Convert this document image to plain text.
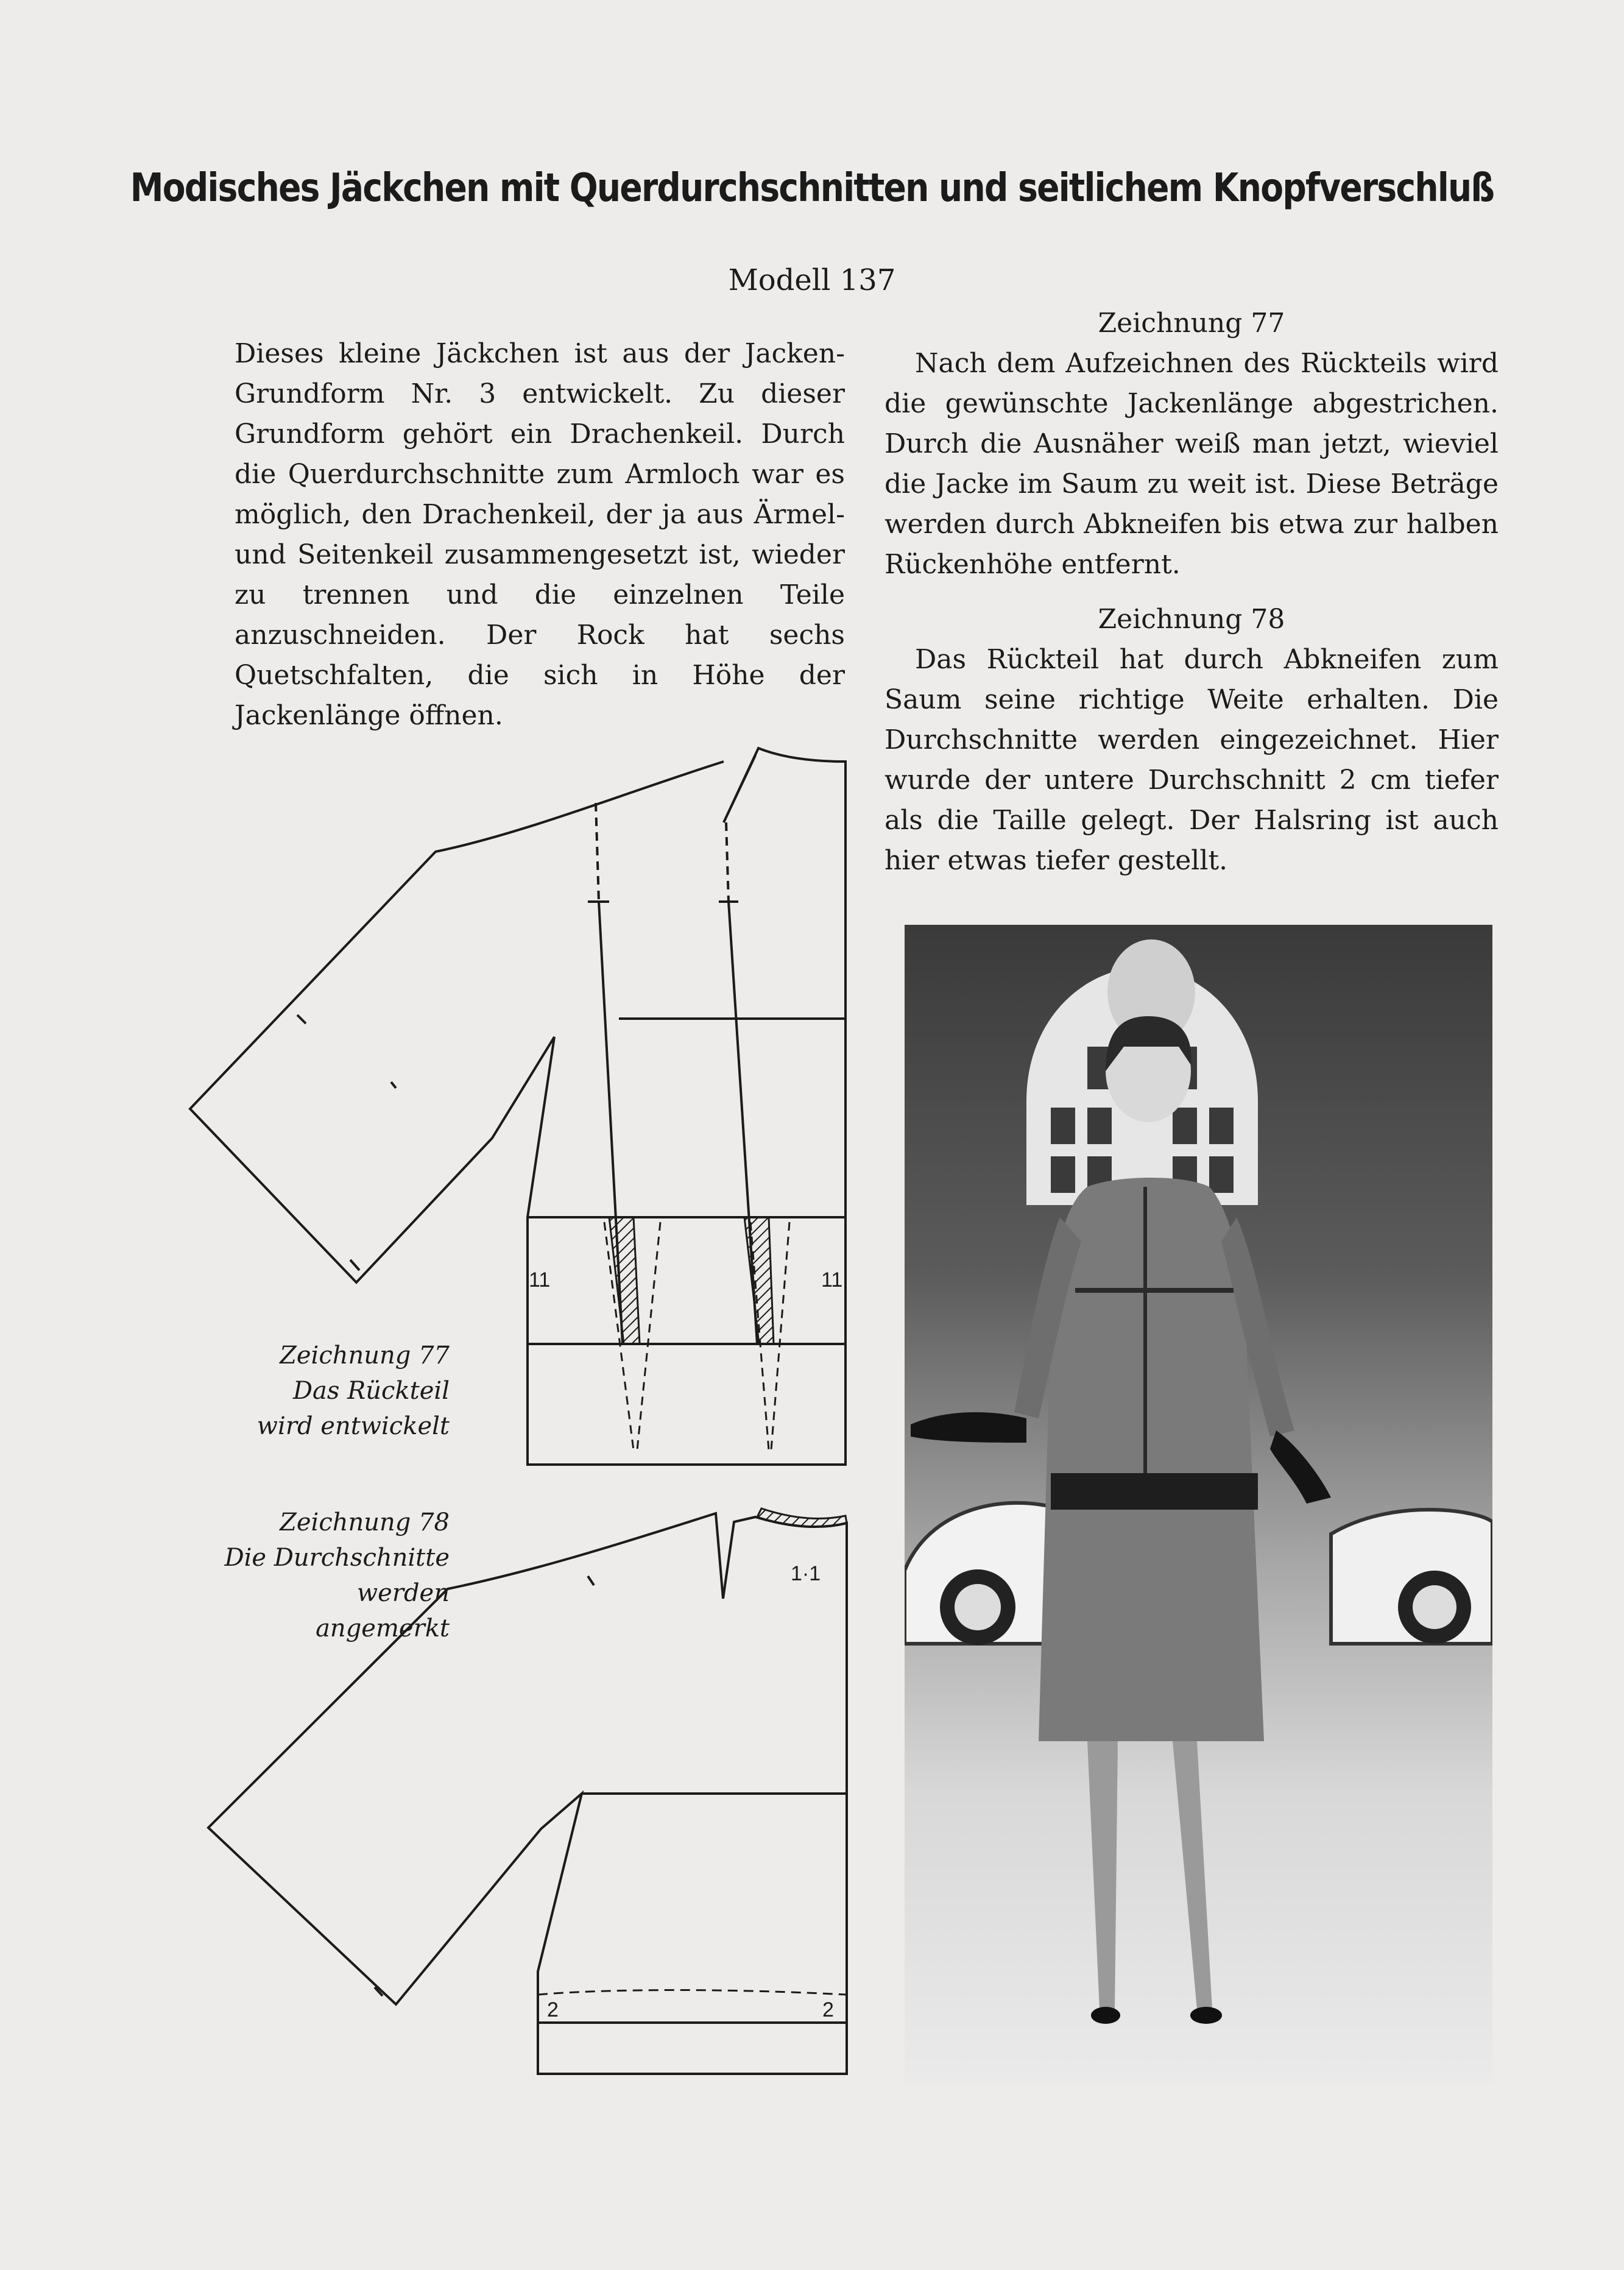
Modisches Jäckchen mit Querdurchschnitten und seitlichem Knopfverschluß
Modell 137
Dieses kleine Jäckchen ist aus der Jacken-Grundform Nr. 3 entwickelt. Zu dieser Grundform gehört ein Drachenkeil. Durch die Querdurchschnitte zum Armloch war es möglich, den Drachenkeil, der ja aus Ärmel- und Seitenkeil zusammengesetzt ist, wieder zu trennen und die einzelnen Teile anzuschneiden. Der Rock hat sechs Quetschfalten, die sich in Höhe der Jackenlänge öffnen.
Zeichnung 77
Nach dem Aufzeichnen des Rückteils wird die gewünschte Jackenlänge abgestrichen. Durch die Ausnäher weiß man jetzt, wieviel die Jacke im Saum zu weit ist. Diese Beträge werden durch Abkneifen bis etwa zur halben Rückenhöhe entfernt.
Zeichnung 78
Das Rückteil hat durch Abkneifen zum Saum seine richtige Weite erhalten. Die Durchschnitte werden eingezeichnet. Hier wurde der untere Durchschnitt 2 cm tiefer als die Taille gelegt. Der Halsring ist auch hier etwas tiefer gestellt.
Zeichnung 77
Das Rückteil
wird entwickelt
Zeichnung 78
Die Durchschnitte
werden
angemerkt
11	11
1·1
2	2
